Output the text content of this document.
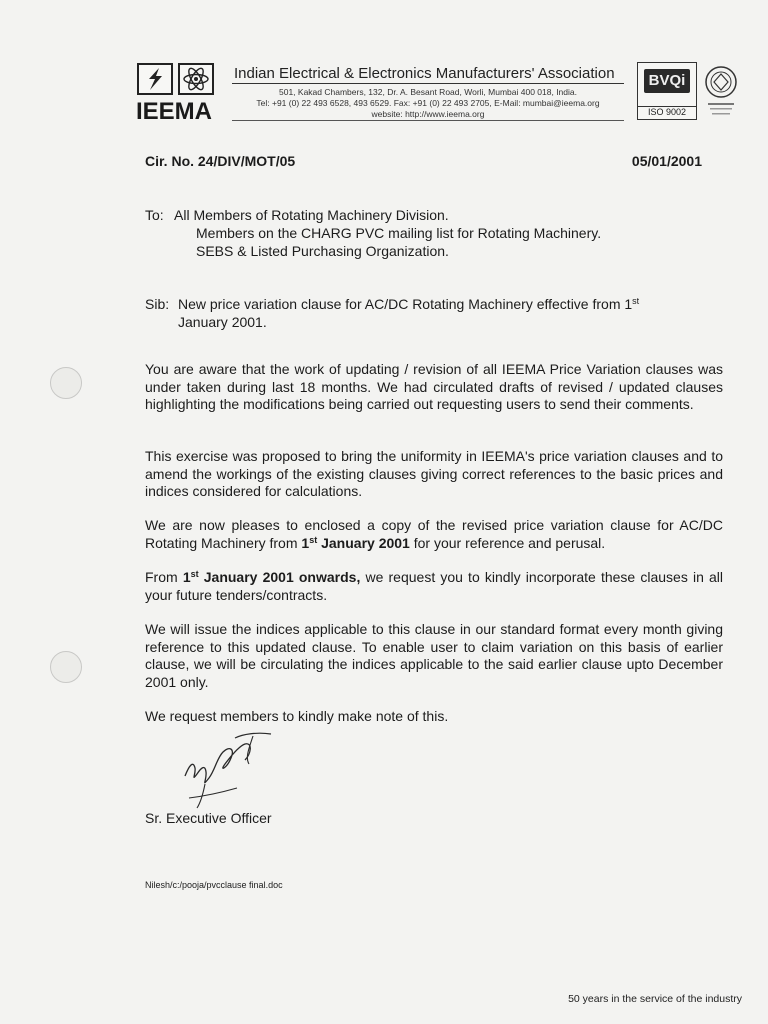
IEEMA
Indian Electrical & Electronics Manufacturers' Association
501, Kakad Chambers, 132, Dr. A. Besant Road, Worli, Mumbai 400 018, India.
Tel: +91 (0) 22 493 6528, 493 6529. Fax: +91 (0) 22 493 2705, E-Mail: mumbai@ieema.org
website: http://www.ieema.org
BVQi
ISO 9002
Cir. No. 24/DIV/MOT/05	05/01/2001
To: All Members of Rotating Machinery Division.
Members on the CHARG PVC mailing list for Rotating Machinery.
SEBS & Listed Purchasing Organization.
Sib: New price variation clause for AC/DC Rotating Machinery effective from 1st
January 2001.
You are aware that the work of updating / revision of all IEEMA Price Variation clauses was under taken during last 18 months. We had circulated drafts of revised / updated clauses highlighting the modifications being carried out requesting users to send their comments.
This exercise was proposed to bring the uniformity in IEEMA's price variation clauses and to amend the workings of the existing clauses giving correct references to the basic prices and indices considered for calculations.
We are now pleases to enclosed a copy of the revised price variation clause for AC/DC Rotating Machinery from 1st January 2001 for your reference and perusal.
From 1st January 2001 onwards, we request you to kindly incorporate these clauses in all your future tenders/contracts.
We will issue the indices applicable to this clause in our standard format every month giving reference to this updated clause. To enable user to claim variation on this basis of earlier clause, we will be circulating the indices applicable to the said earlier clause upto December 2001 only.
We request members to kindly make note of this.
Sr. Executive Officer
Nilesh/c:/pooja/pvcclause final.doc
50 years in the service of the industry
